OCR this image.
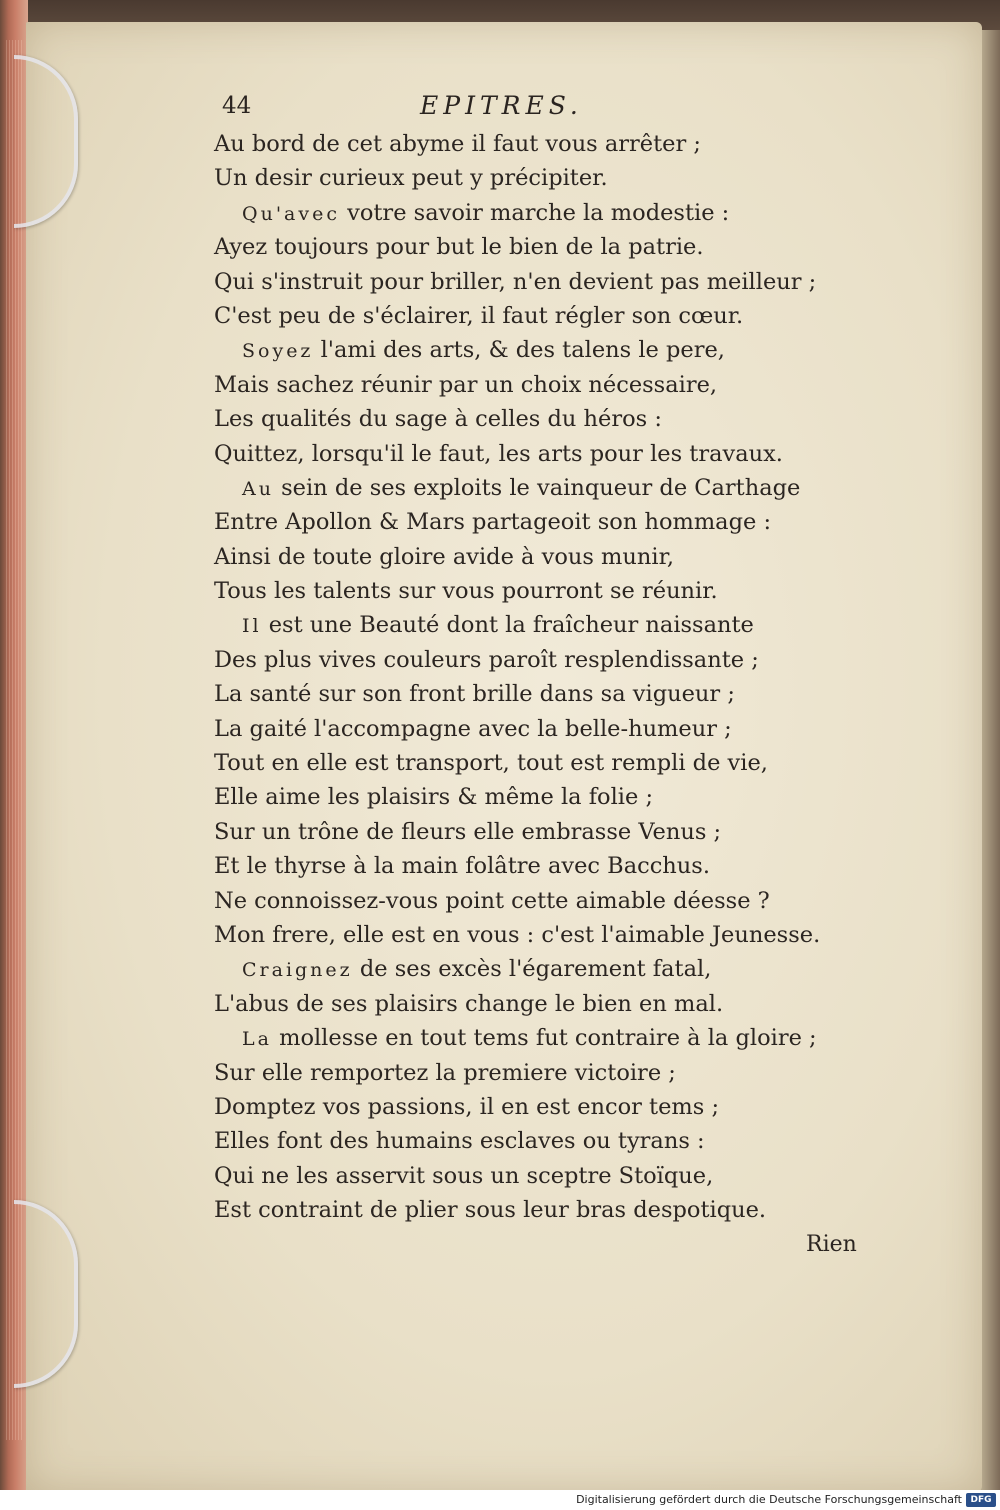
44	EPITRES.
Au bord de cet abyme il faut vous arrêter ;
Un desir curieux peut y précipiter.
Qu'avec votre savoir marche la modestie :
Ayez toujours pour but le bien de la patrie.
Qui s'instruit pour briller, n'en devient pas meilleur ;
C'est peu de s'éclairer, il faut régler son cœur.
Soyez l'ami des arts, & des talens le pere,
Mais sachez réunir par un choix nécessaire,
Les qualités du sage à celles du héros :
Quittez, lorsqu'il le faut, les arts pour les travaux.
Au sein de ses exploits le vainqueur de Carthage
Entre Apollon & Mars partageoit son hommage :
Ainsi de toute gloire avide à vous munir,
Tous les talents sur vous pourront se réunir.
Il est une Beauté dont la fraîcheur naissante
Des plus vives couleurs paroît resplendissante ;
La santé sur son front brille dans sa vigueur ;
La gaité l'accompagne avec la belle-humeur ;
Tout en elle est transport, tout est rempli de vie,
Elle aime les plaisirs & même la folie ;
Sur un trône de fleurs elle embrasse Venus ;
Et le thyrse à la main folâtre avec Bacchus.
Ne connoissez-vous point cette aimable déesse ?
Mon frere, elle est en vous : c'est l'aimable Jeunesse.
Craignez de ses excès l'égarement fatal,
L'abus de ses plaisirs change le bien en mal.
La mollesse en tout tems fut contraire à la gloire ;
Sur elle remportez la premiere victoire ;
Domptez vos passions, il en est encor tems ;
Elles font des humains esclaves ou tyrans :
Qui ne les asservit sous un sceptre Stoïque,
Est contraint de plier sous leur bras despotique.
Rien
Digitalisierung gefördert durch die Deutsche Forschungsgemeinschaft DFG
